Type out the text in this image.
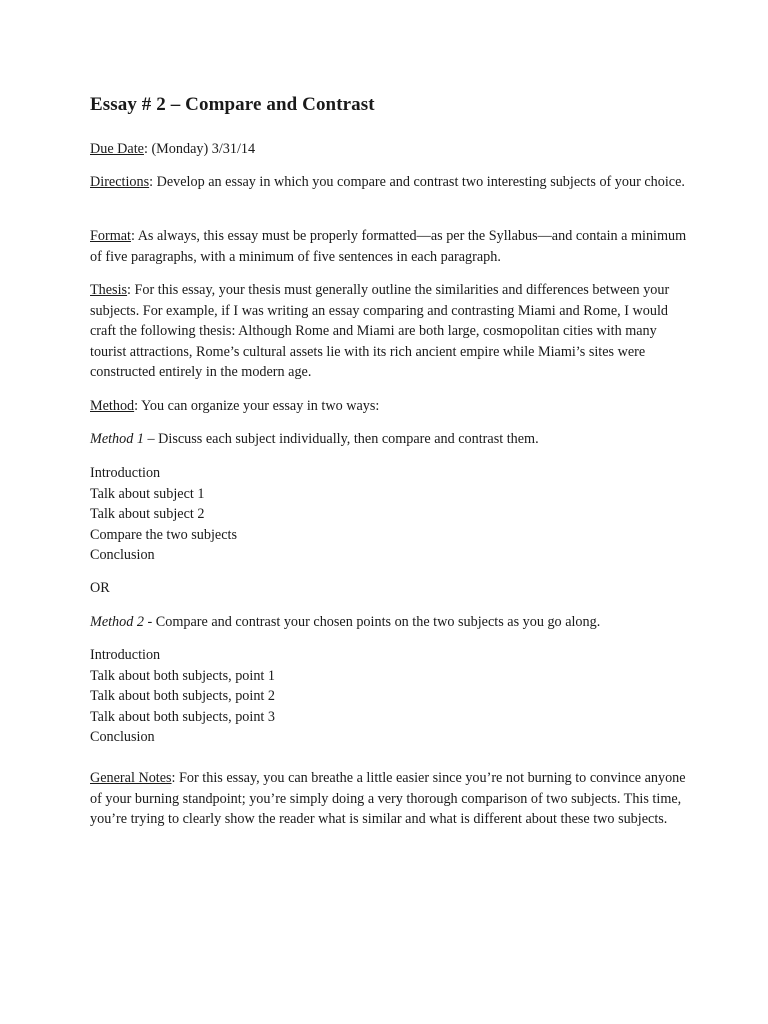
Essay # 2 – Compare and Contrast
Due Date: (Monday) 3/31/14
Directions: Develop an essay in which you compare and contrast two interesting subjects of your choice.
Format: As always, this essay must be properly formatted—as per the Syllabus—and contain a minimum of five paragraphs, with a minimum of five sentences in each paragraph.
Thesis: For this essay, your thesis must generally outline the similarities and differences between your subjects. For example, if I was writing an essay comparing and contrasting Miami and Rome, I would craft the following thesis: Although Rome and Miami are both large, cosmopolitan cities with many tourist attractions, Rome’s cultural assets lie with its rich ancient empire while Miami’s sites were constructed entirely in the modern age.
Method: You can organize your essay in two ways:
Method 1 – Discuss each subject individually, then compare and contrast them.
Introduction
Talk about subject 1
Talk about subject 2
Compare the two subjects
Conclusion
OR
Method 2 - Compare and contrast your chosen points on the two subjects as you go along.
Introduction
Talk about both subjects, point 1
Talk about both subjects, point 2
Talk about both subjects, point 3
Conclusion
General Notes: For this essay, you can breathe a little easier since you’re not burning to convince anyone of your burning standpoint; you’re simply doing a very thorough comparison of two subjects. This time, you’re trying to clearly show the reader what is similar and what is different about these two subjects.
